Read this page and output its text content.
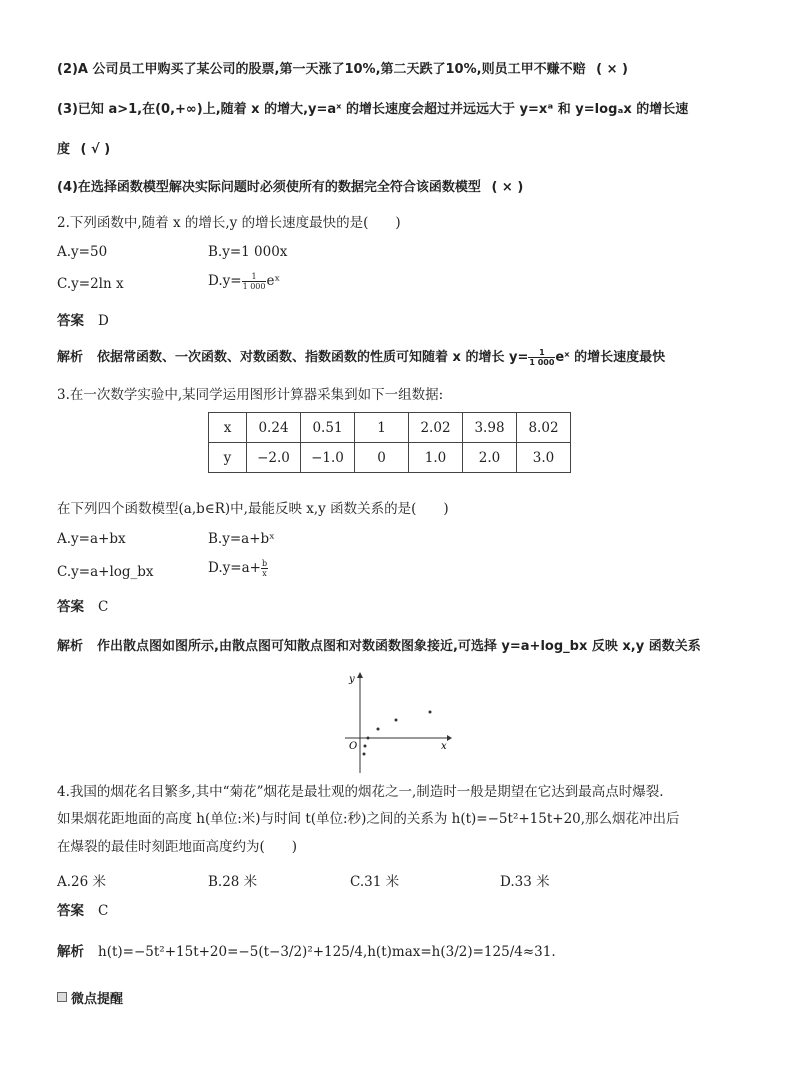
(2)A 公司员工甲购买了某公司的股票,第一天涨了10%,第二天跌了10%,则员工甲不赚不赔 ( × )
(3)已知 a>1,在(0,+∞)上,随着 x 的增大,y=aˣ 的增长速度会超过并远远大于 y=xᵃ 和 y=logₐx 的增长速
度 ( √ )
(4)在选择函数模型解决实际问题时必须使所有的数据完全符合该函数模型 ( × )
2.下列函数中,随着 x 的增长,y 的增长速度最快的是(　　)
A.y=50	B.y=1 000x
C.y=2ln x	$D.y= \frac{1}{1 000}$ eˣ
答案 D
解析 依据常函数、一次函数、对数函数、指数函数的性质可知随着 x 的增长 $y= \frac{1}{1 000}$ eˣ 的增长速度最快
3.在一次数学实验中,某同学运用图形计算器采集到如下一组数据:
x	0.24	0.51	1	2.02	3.98	8.02
y	−2.0	−1.0	0	1.0	2.0	3.0
在下列四个函数模型(a,b∈R)中,最能反映 x,y 函数关系的是(　　)
A.y=a+bx	B.y=a+bˣ
C.y=a+log_bx	$D.y=a+ \frac{b}{x}$
答案 C
解析 作出散点图如图所示,由散点图可知散点图和对数函数图象接近,可选择 y=a+log_bx 反映 x,y 函数关系
y
x
O
4.我国的烟花名目繁多,其中“菊花”烟花是最壮观的烟花之一,制造时一般是期望在它达到最高点时爆裂.
如果烟花距地面的高度 h(单位:米)与时间 t(单位:秒)之间的关系为 h(t)=−5t²+15t+20,那么烟花冲出后
在爆裂的最佳时刻距地面高度约为(　　)
A.26 米	B.28 米	C.31 米	D.33 米
答案 C
解析 h(t)=−5t²+15t+20=−5(t−3/2)²+125/4,h(t)max=h(3/2)=125/4≈31.
微点提醒
